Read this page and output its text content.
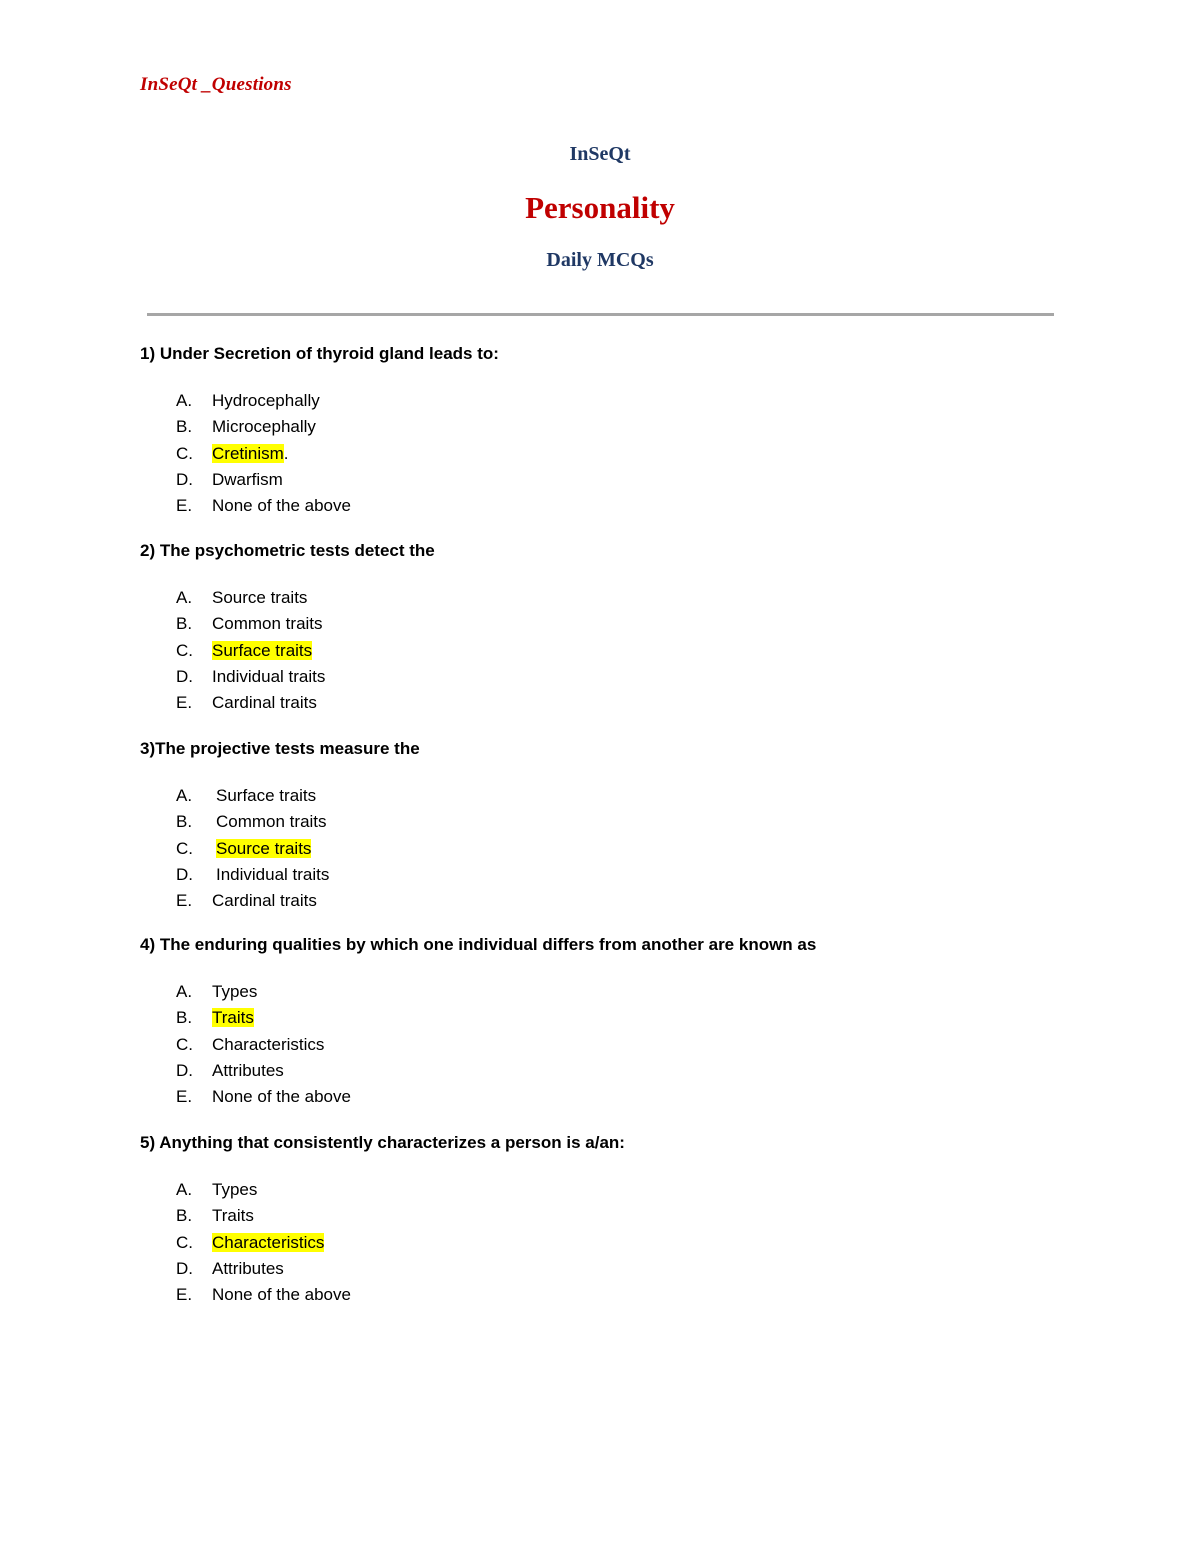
InSeQt _Questions
InSeQt
Personality
Daily MCQs
1) Under Secretion of thyroid gland leads to:
A. Hydrocephally
B. Microcephally
C. Cretinism.
D. Dwarfism
E. None of the above
2) The psychometric tests detect the
A. Source traits
B. Common traits
C. Surface traits
D. Individual traits
E. Cardinal traits
3)The projective tests measure the
A. Surface traits
B. Common traits
C. Source traits
D. Individual traits
E. Cardinal traits
4) The enduring qualities by which one individual differs from another are known as
A. Types
B. Traits
C. Characteristics
D. Attributes
E. None of the above
5) Anything that consistently characterizes a person is a/an:
A. Types
B. Traits
C. Characteristics
D. Attributes
E. None of the above
